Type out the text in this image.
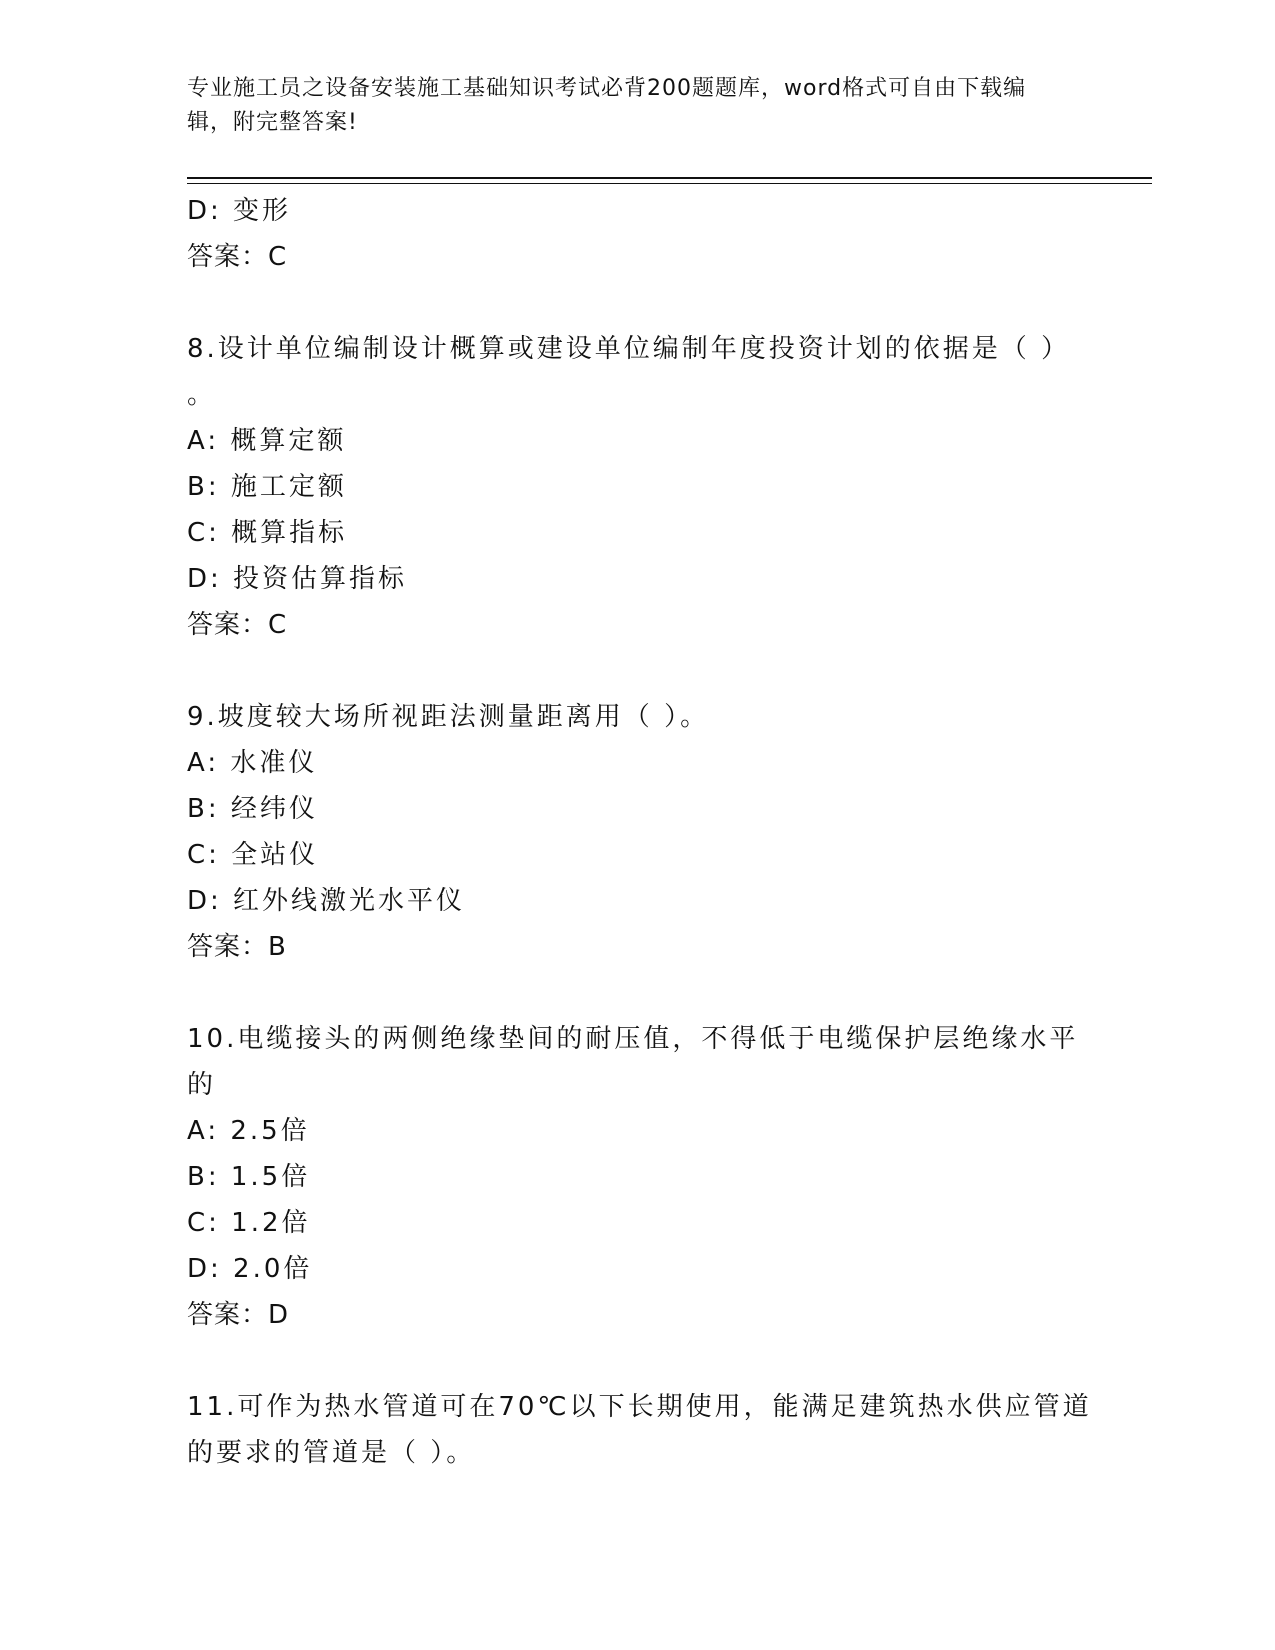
专业施工员之设备安装施工基础知识考试必背200题题库，word格式可自由下载编辑，附完整答案!
D: 变形
答案：C
8.设计单位编制设计概算或建设单位编制年度投资计划的依据是（ ）
。
A: 概算定额
B: 施工定额
C: 概算指标
D: 投资估算指标
答案：C
9.坡度较大场所视距法测量距离用（ ）。
A: 水准仪
B: 经纬仪
C: 全站仪
D: 红外线激光水平仪
答案：B
10.电缆接头的两侧绝缘垫间的耐压值，不得低于电缆保护层绝缘水平
的
A: 2.5倍
B: 1.5倍
C: 1.2倍
D: 2.0倍
答案：D
11.可作为热水管道可在70℃以下长期使用，能满足建筑热水供应管道
的要求的管道是（ ）。
